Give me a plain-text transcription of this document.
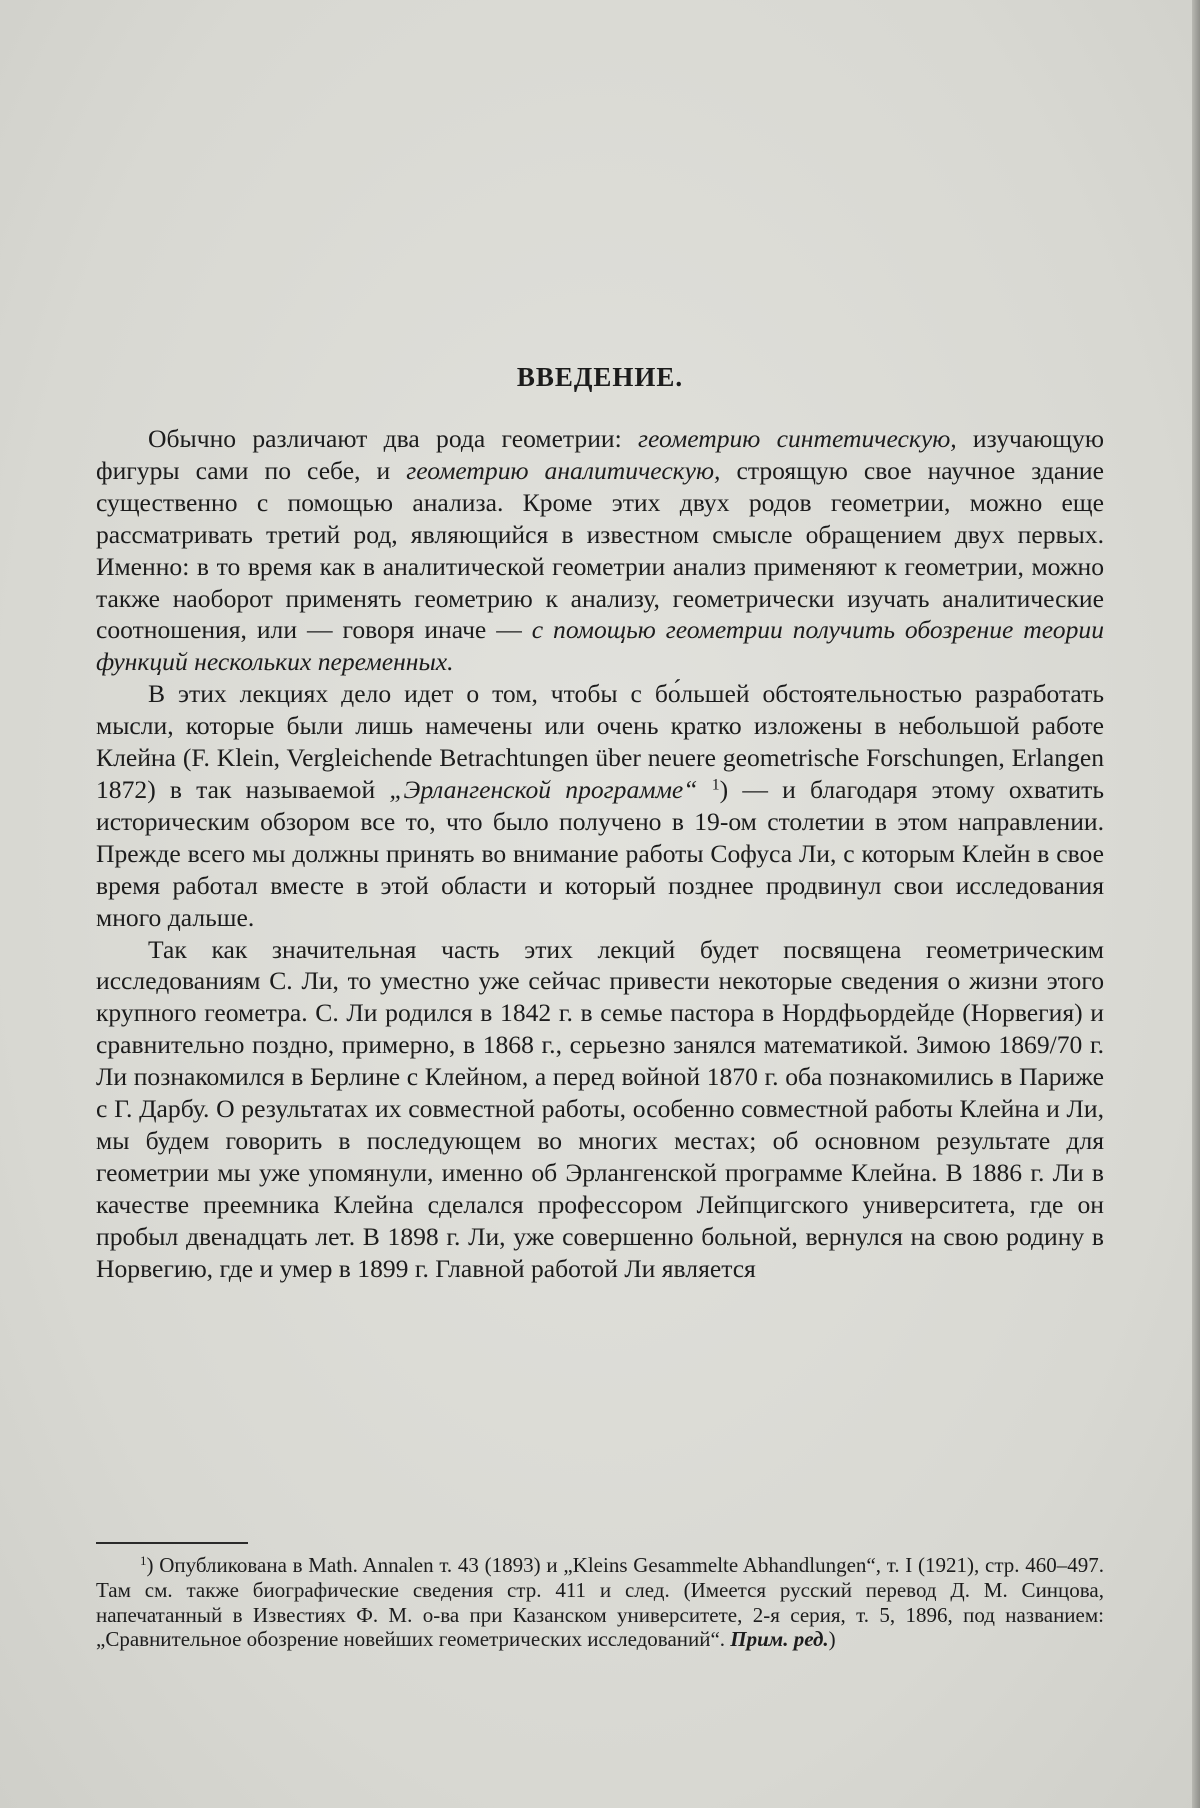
ВВЕДЕНИЕ.

Обычно различают два рода геометрии: геометрию синтетическую, изучающую фигуры сами по себе, и геометрию аналитическую, строящую свое научное здание существенно с помощью анализа. Кроме этих двух родов геометрии, можно еще рассматривать третий род, являющийся в известном смысле обращением двух первых. Именно: в то время как в аналитической геометрии анализ применяют к геометрии, можно также наоборот применять геометрию к анализу, геометрически изучать аналитические соотношения, или — говоря иначе — с помощью геометрии получить обозрение теории функций нескольких переменных.

В этих лекциях дело идет о том, чтобы с бо́льшей обстоятельностью разработать мысли, которые были лишь намечены или очень кратко изложены в небольшой работе Клейна (F. Klein, Vergleichende Betrachtungen über neuere geometrische Forschungen, Erlangen 1872) в так называемой „Эрлангенской программе“ $^1$) — и благодаря этому охватить историческим обзором все то, что было получено в 19-ом столетии в этом направлении. Прежде всего мы должны принять во внимание работы Софуса Ли, с которым Клейн в свое время работал вместе в этой области и который позднее продвинул свои исследования много дальше.

Так как значительная часть этих лекций будет посвящена геометрическим исследованиям С. Ли, то уместно уже сейчас привести некоторые сведения о жизни этого крупного геометра. С. Ли родился в 1842 г. в семье пастора в Нордфьордейде (Норвегия) и сравнительно поздно, примерно, в 1868 г., серьезно занялся математикой. Зимою 1869/70 г. Ли познакомился в Берлине с Клейном, а перед войной 1870 г. оба познакомились в Париже с Г. Дарбу. О результатах их совместной работы, особенно совместной работы Клейна и Ли, мы будем говорить в последующем во многих местах; об основном результате для геометрии мы уже упомянули, именно об Эрлангенской программе Клейна. В 1886 г. Ли в качестве преемника Клейна сделался профессором Лейпцигского университета, где он пробыл двенадцать лет. В 1898 г. Ли, уже совершенно больной, вернулся на свою родину в Норвегию, где и умер в 1899 г. Главной работой Ли является

$^1$) Опубликована в Math. Annalen т. 43 (1893) и „Kleins Gesammelte Abhandlungen“, т. I (1921), стр. 460–497. Там см. также биографические сведения стр. 411 и след. (Имеется русский перевод Д. М. Синцова, напечатанный в Известиях Ф. М. о-ва при Казанском университете, 2-я серия, т. 5, 1896, под названием: „Сравнительное обозрение новейших геометрических исследований“. Прим. ред.)
